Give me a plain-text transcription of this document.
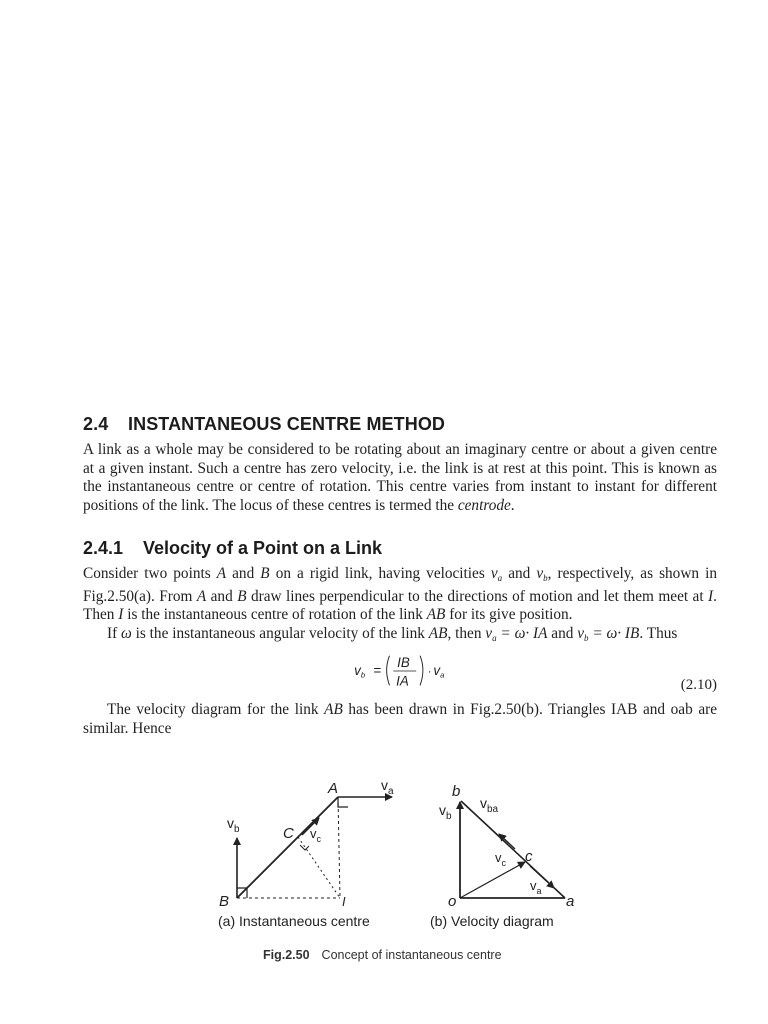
2.4 INSTANTANEOUS CENTRE METHOD
A link as a whole may be considered to be rotating about an imaginary centre or about a given centre
at a given instant. Such a centre has zero velocity, i.e. the link is at rest at this point. This is known as
the instantaneous centre or centre of rotation. This centre varies from instant to instant for different
positions of the link. The locus of these centres is termed the centrode.
2.4.1 Velocity of a Point on a Link
Consider two points A and B on a rigid link, having velocities $v_a$ and $v_b$, respectively, as shown in
Fig.2.50(a). From A and B draw lines perpendicular to the directions of motion and let them meet at I.
Then I is the instantaneous centre of rotation of the link AB for its give position.
If ω is the instantaneous angular velocity of the link AB, then $v_a = \omega\cdot$ IA and $v_b = \omega\cdot$ IB. Thus
v b =
IB
IA
· v a
(2.10)
The velocity diagram for the link AB has been drawn in Fig.2.50(b). Triangles IAB and oab are
similar. Hence
A
B
C
I
$v_a$
$v_b$	$v_c$
(a) Instantaneous centre
b
o	a
c
$v_b$
$v_{ba}$
$v_c$
$v_a$
(b) Velocity diagram
Fig.2.50 Concept of instantaneous centre
